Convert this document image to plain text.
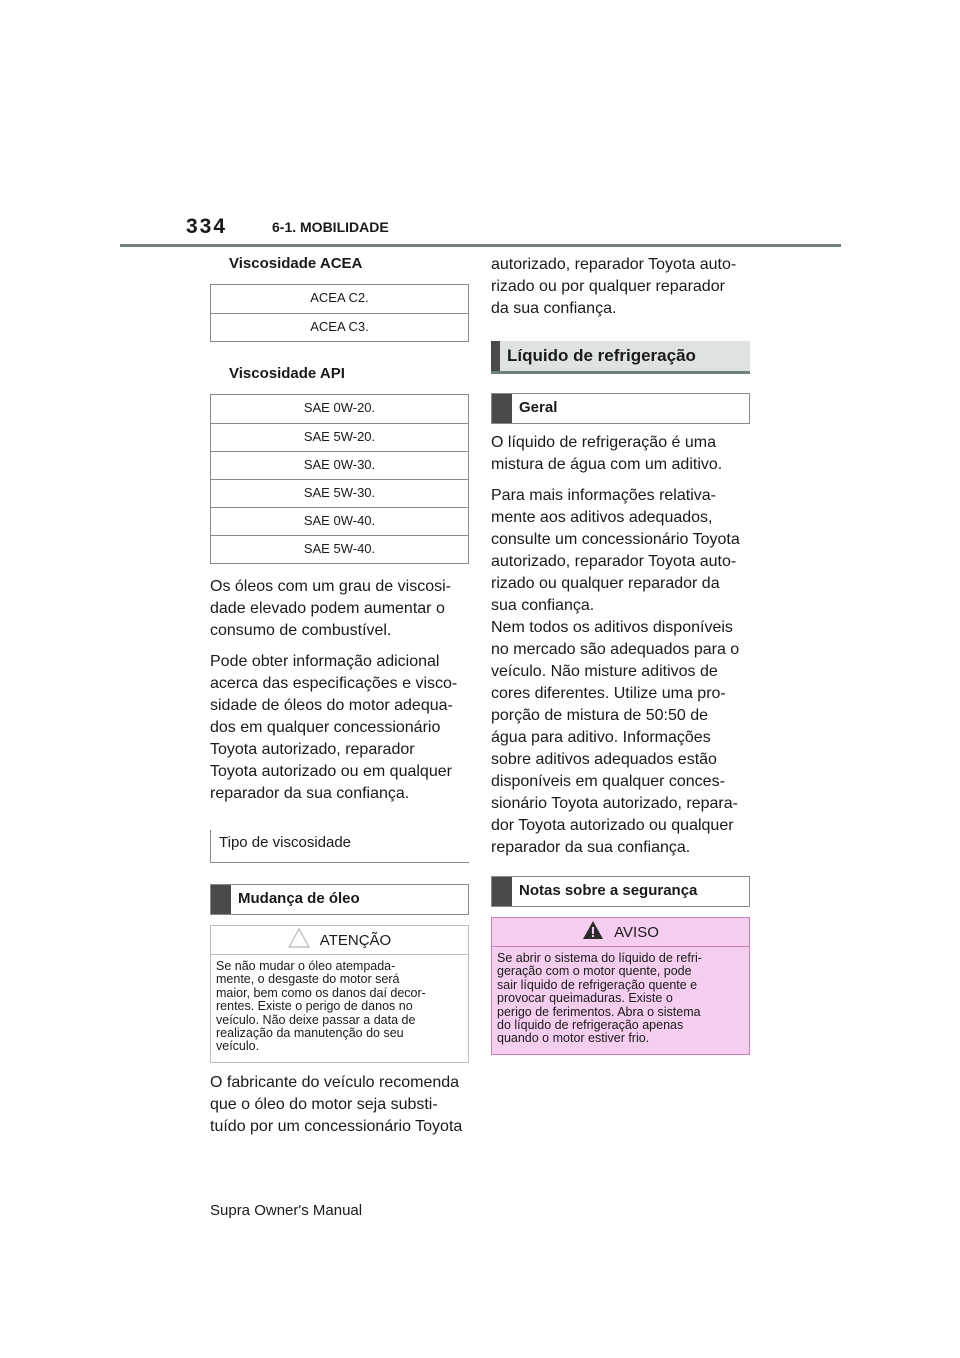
334	6-1. MOBILIDADE
Viscosidade ACEA
ACEA C2.
ACEA C3.
Viscosidade API
SAE 0W-20.
SAE 5W-20.
SAE 0W-30.
SAE 5W-30.
SAE 0W-40.
SAE 5W-40.
Os óleos com um grau de viscosi-
dade elevado podem aumentar o
consumo de combustível.
Pode obter informação adicional
acerca das especificações e visco-
sidade de óleos do motor adequa-
dos em qualquer concessionário
Toyota autorizado, reparador
Toyota autorizado ou em qualquer
reparador da sua confiança.
Tipo de viscosidade
Mudança de óleo
ATENÇÃO
Se não mudar o óleo atempada-
mente, o desgaste do motor será
maior, bem como os danos daí decor-
rentes. Existe o perigo de danos no
veículo. Não deixe passar a data de
realização da manutenção do seu
veículo.
O fabricante do veículo recomenda
que o óleo do motor seja substi-
tuído por um concessionário Toyota
autorizado, reparador Toyota auto-
rizado ou por qualquer reparador
da sua confiança.
Líquido de refrigeração
Geral
O líquido de refrigeração é uma
mistura de água com um aditivo.
Para mais informações relativa-
mente aos aditivos adequados,
consulte um concessionário Toyota
autorizado, reparador Toyota auto-
rizado ou qualquer reparador da
sua confiança.
Nem todos os aditivos disponíveis
no mercado são adequados para o
veículo. Não misture aditivos de
cores diferentes. Utilize uma pro-
porção de mistura de 50:50 de
água para aditivo. Informações
sobre aditivos adequados estão
disponíveis em qualquer conces-
sionário Toyota autorizado, repara-
dor Toyota autorizado ou qualquer
reparador da sua confiança.
Notas sobre a segurança
AVISO
Se abrir o sistema do líquido de refri-
geração com o motor quente, pode
sair líquido de refrigeração quente e
provocar queimaduras. Existe o
perigo de ferimentos. Abra o sistema
do líquido de refrigeração apenas
quando o motor estiver frio.
Supra Owner's Manual
